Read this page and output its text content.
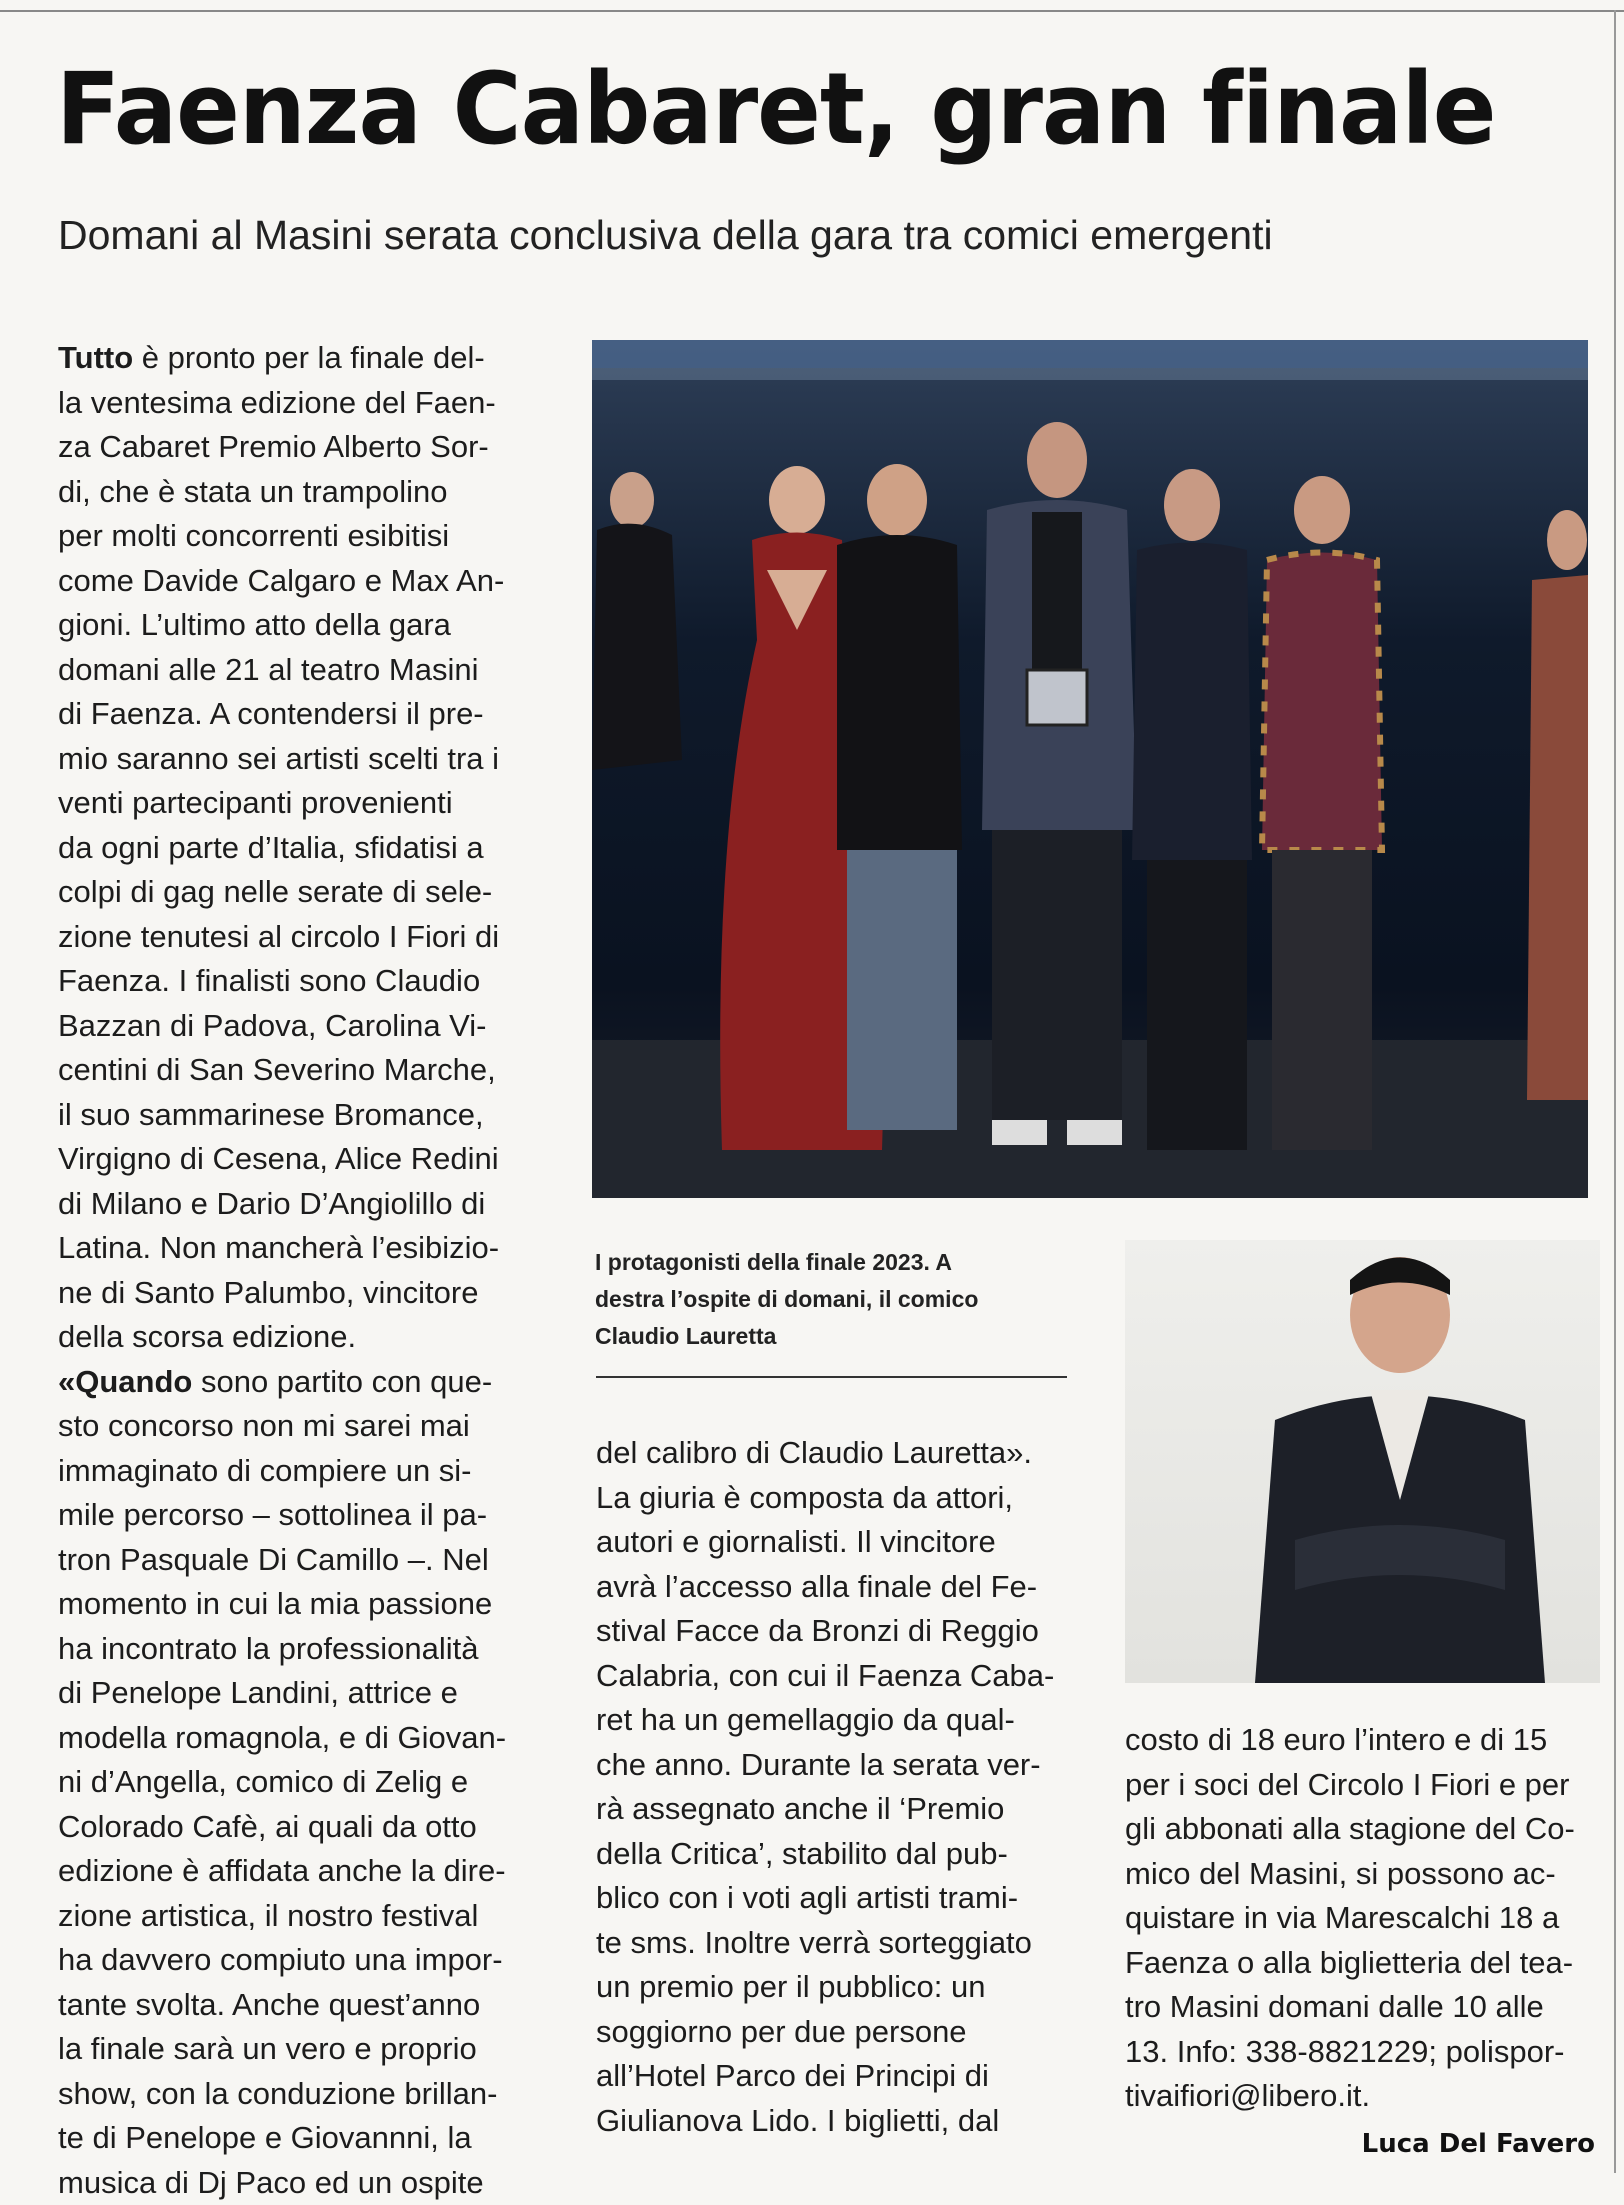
Faenza Cabaret, gran finale

Domani al Masini serata conclusiva della gara tra comici emergenti

Tutto è pronto per la finale del-
la ventesima edizione del Faen-
za Cabaret Premio Alberto Sor-
di, che è stata un trampolino
per molti concorrenti esibitisi
come Davide Calgaro e Max An-
gioni. L’ultimo atto della gara
domani alle 21 al teatro Masini
di Faenza. A contendersi il pre-
mio saranno sei artisti scelti tra i
venti partecipanti provenienti
da ogni parte d’Italia, sfidatisi a
colpi di gag nelle serate di sele-
zione tenutesi al circolo I Fiori di
Faenza. I finalisti sono Claudio
Bazzan di Padova, Carolina Vi-
centini di San Severino Marche,
il suo sammarinese Bromance,
Virgigno di Cesena, Alice Redini
di Milano e Dario D’Angiolillo di
Latina. Non mancherà l’esibizio-
ne di Santo Palumbo, vincitore
della scorsa edizione.
«Quando sono partito con que-
sto concorso non mi sarei mai
immaginato di compiere un si-
mile percorso – sottolinea il pa-
tron Pasquale Di Camillo –. Nel
momento in cui la mia passione
ha incontrato la professionalità
di Penelope Landini, attrice e
modella romagnola, e di Giovan-
ni d’Angella, comico di Zelig e
Colorado Cafè, ai quali da otto
edizione è affidata anche la dire-
zione artistica, il nostro festival
ha davvero compiuto una impor-
tante svolta. Anche quest’anno
la finale sarà un vero e proprio
show, con la conduzione brillan-
te di Penelope e Giovannni, la
musica di Dj Paco ed un ospite

I protagonisti della finale 2023. A
destra l’ospite di domani, il comico
Claudio Lauretta

del calibro di Claudio Lauretta».
La giuria è composta da attori,
autori e giornalisti. Il vincitore
avrà l’accesso alla finale del Fe-
stival Facce da Bronzi di Reggio
Calabria, con cui il Faenza Caba-
ret ha un gemellaggio da qual-
che anno. Durante la serata ver-
rà assegnato anche il ‘Premio
della Critica’, stabilito dal pub-
blico con i voti agli artisti trami-
te sms. Inoltre verrà sorteggiato
un premio per il pubblico: un
soggiorno per due persone
all’Hotel Parco dei Principi di
Giulianova Lido. I biglietti, dal

costo di 18 euro l’intero e di 15
per i soci del Circolo I Fiori e per
gli abbonati alla stagione del Co-
mico del Masini, si possono ac-
quistare in via Marescalchi 18 a
Faenza o alla biglietteria del tea-
tro Masini domani dalle 10 alle
13. Info: 338-8821229; polispor-
tivaifiori@libero.it.

Luca Del Favero
